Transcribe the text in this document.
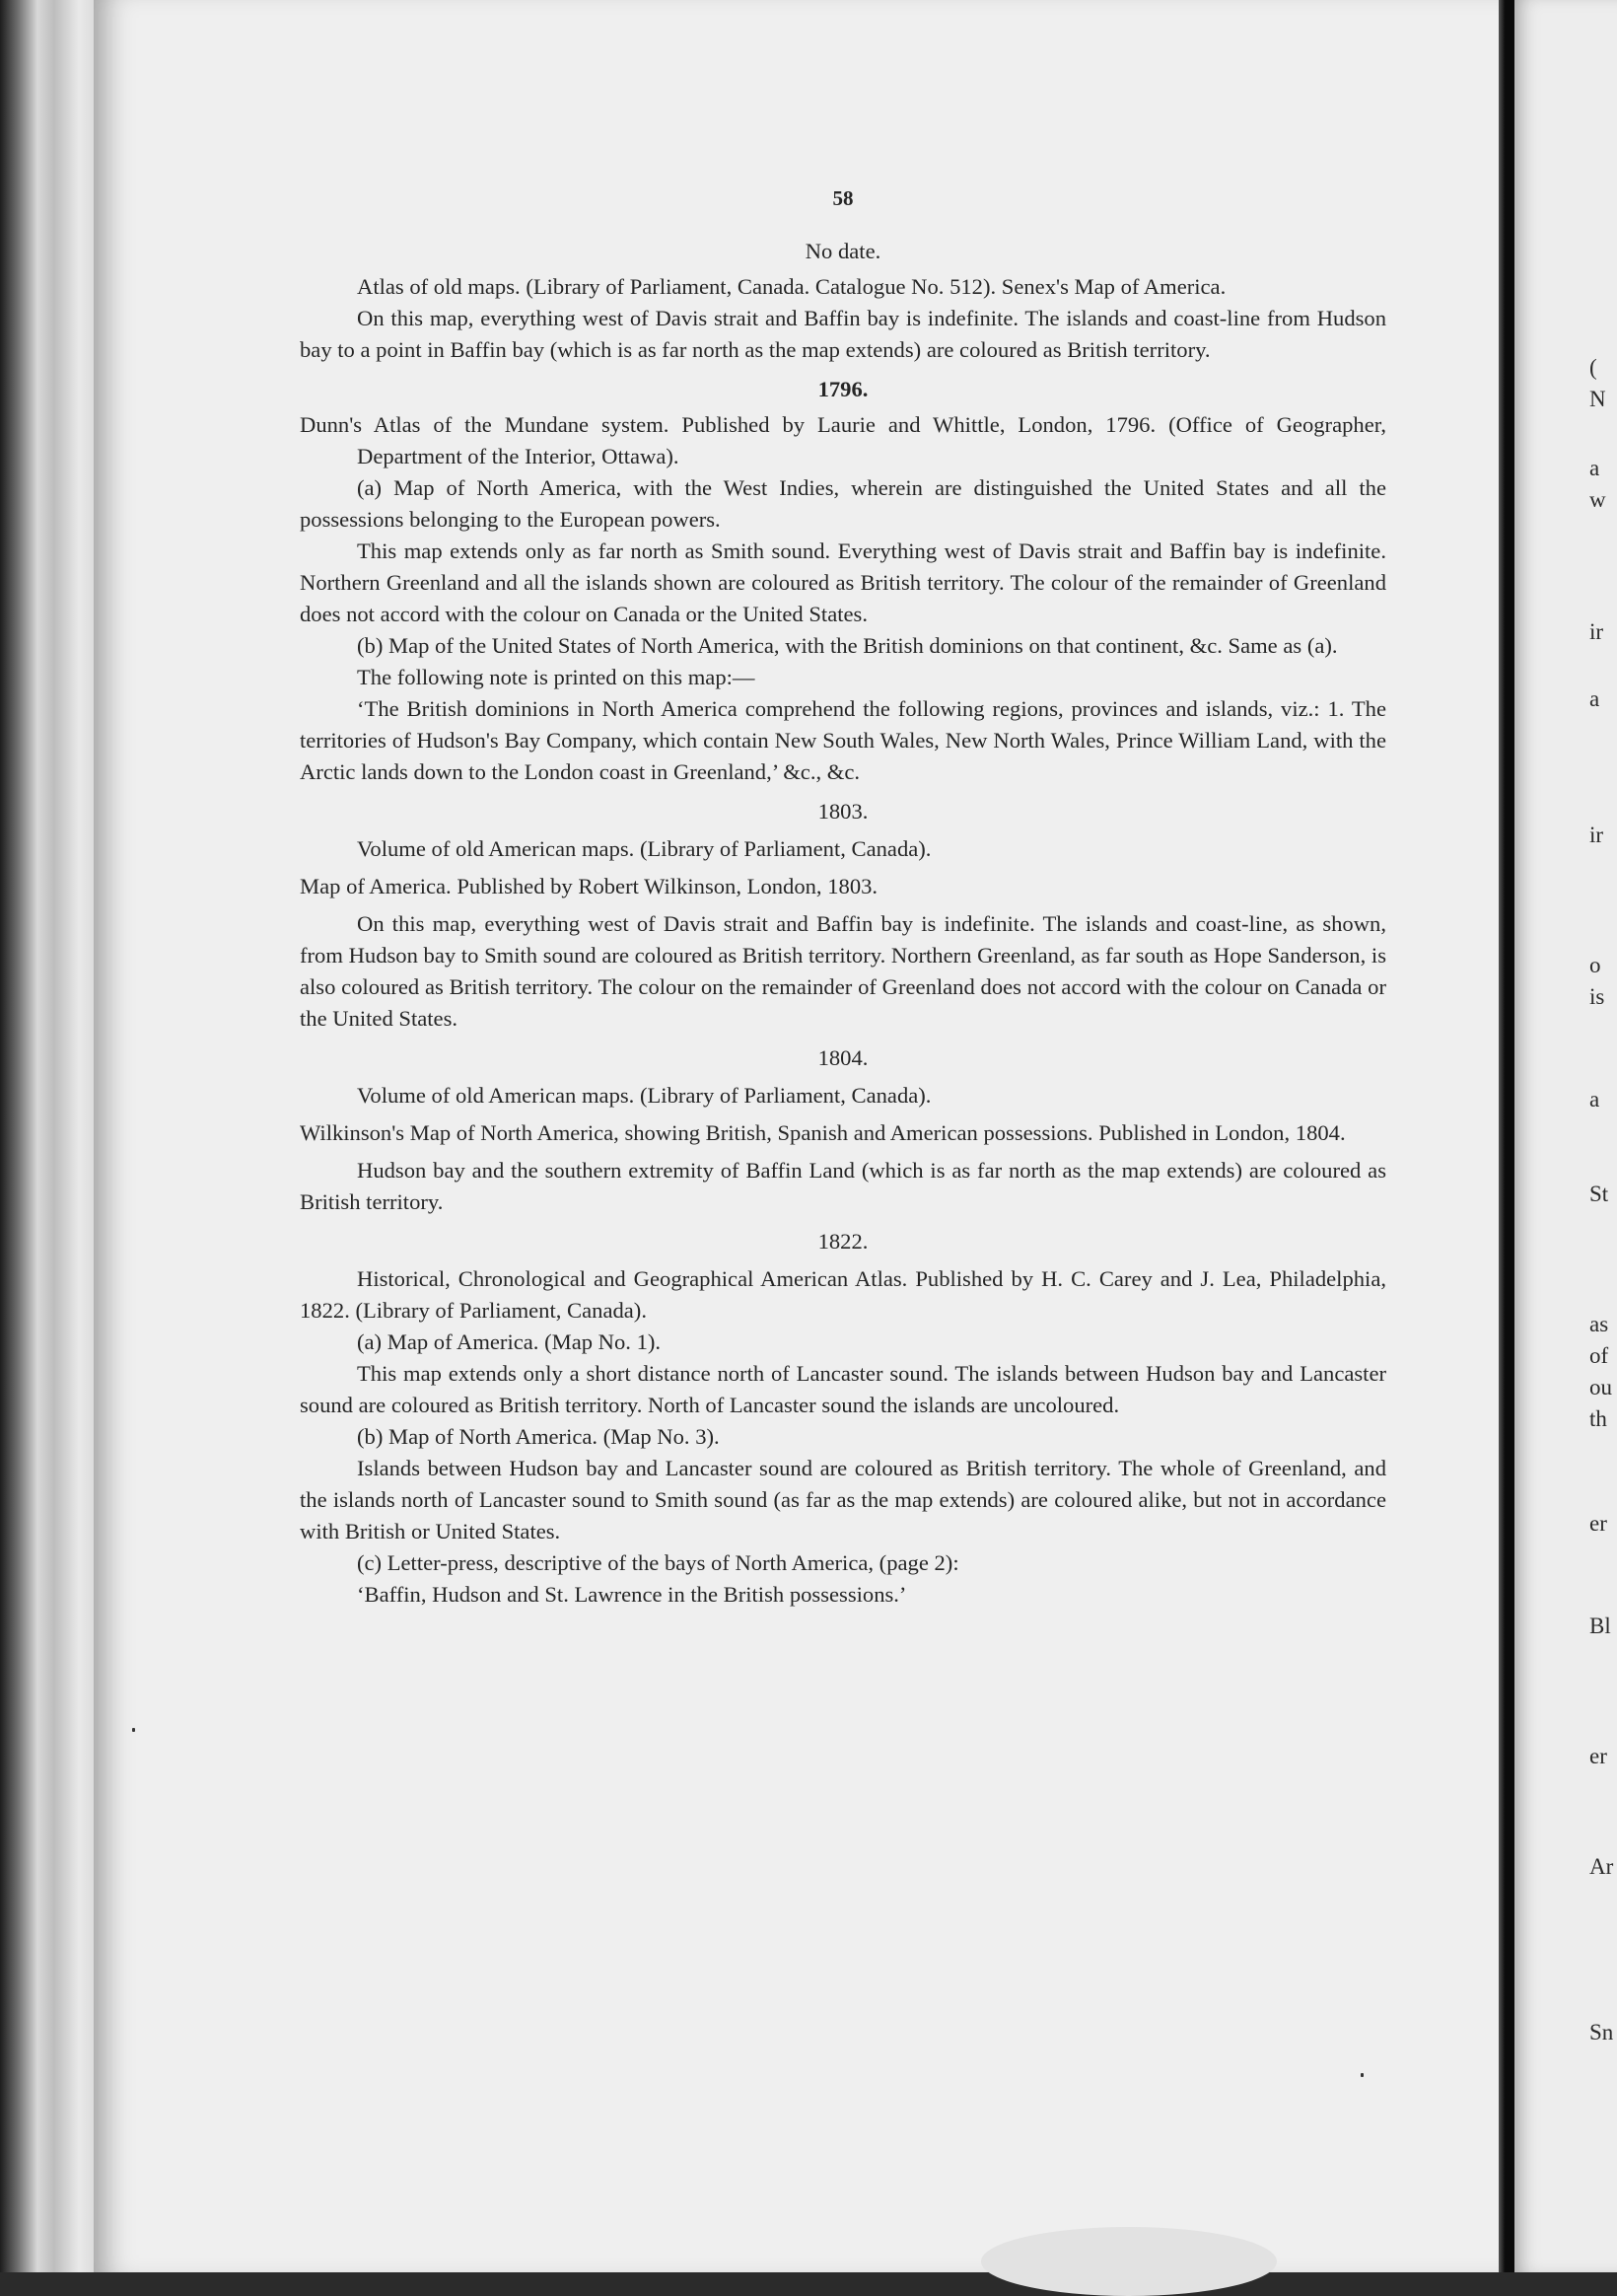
(
N
a
w
ir
a
ir
o
is
a
St
as
of
ou
th
er
Bl
er
Ar
Sn
58
No date.

Atlas of old maps. (Library of Parliament, Canada. Catalogue No. 512). Senex's Map of America.

On this map, everything west of Davis strait and Baffin bay is indefinite. The islands and coast-line from Hudson bay to a point in Baffin bay (which is as far north as the map extends) are coloured as British territory.

1796.

Dunn's Atlas of the Mundane system. Published by Laurie and Whittle, London, 1796. (Office of Geographer, Department of the Interior, Ottawa).

(a) Map of North America, with the West Indies, wherein are distinguished the United States and all the possessions belonging to the European powers.

This map extends only as far north as Smith sound. Everything west of Davis strait and Baffin bay is indefinite. Northern Greenland and all the islands shown are coloured as British territory. The colour of the remainder of Greenland does not accord with the colour on Canada or the United States.

(b) Map of the United States of North America, with the British dominions on that continent, &c. Same as (a).

The following note is printed on this map:—

‘The British dominions in North America comprehend the following regions, provinces and islands, viz.: 1. The territories of Hudson's Bay Company, which contain New South Wales, New North Wales, Prince William Land, with the Arctic lands down to the London coast in Greenland,’ &c., &c.

1803.

Volume of old American maps. (Library of Parliament, Canada).

Map of America. Published by Robert Wilkinson, London, 1803.

On this map, everything west of Davis strait and Baffin bay is indefinite. The islands and coast-line, as shown, from Hudson bay to Smith sound are coloured as British territory. Northern Greenland, as far south as Hope Sanderson, is also coloured as British territory. The colour on the remainder of Greenland does not accord with the colour on Canada or the United States.

1804.

Volume of old American maps. (Library of Parliament, Canada).

Wilkinson's Map of North America, showing British, Spanish and American possessions. Published in London, 1804.

Hudson bay and the southern extremity of Baffin Land (which is as far north as the map extends) are coloured as British territory.

1822.

Historical, Chronological and Geographical American Atlas. Published by H. C. Carey and J. Lea, Philadelphia, 1822. (Library of Parliament, Canada).

(a) Map of America. (Map No. 1).

This map extends only a short distance north of Lancaster sound. The islands between Hudson bay and Lancaster sound are coloured as British territory. North of Lancaster sound the islands are uncoloured.

(b) Map of North America. (Map No. 3).

Islands between Hudson bay and Lancaster sound are coloured as British territory. The whole of Greenland, and the islands north of Lancaster sound to Smith sound (as far as the map extends) are coloured alike, but not in accordance with British or United States.

(c) Letter-press, descriptive of the bays of North America, (page 2):

‘Baffin, Hudson and St. Lawrence in the British possessions.’
